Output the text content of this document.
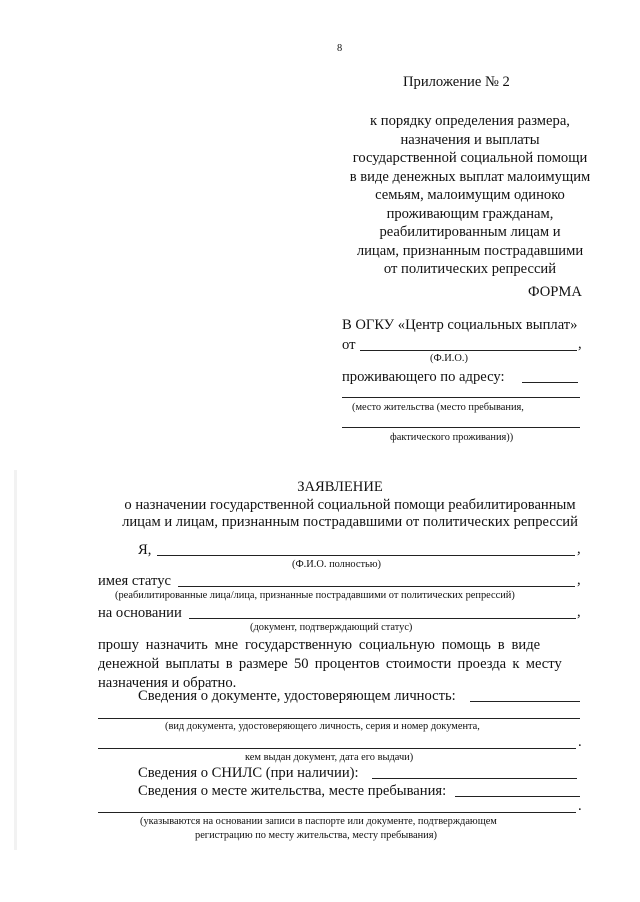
8
Приложение № 2
к порядку определения размера,
назначения и выплаты
государственной социальной помощи
в виде денежных выплат малоимущим
семьям, малоимущим одиноко
проживающим гражданам,
реабилитированным лицам и
лицам, признанным пострадавшими
от политических репрессий
ФОРМА
В ОГКУ «Центр социальных выплат»
от	,
(Ф.И.О.)
проживающего по адресу:
(место жительства (место пребывания,
фактического проживания))
ЗАЯВЛЕНИЕ
о назначении государственной социальной помощи реабилитированным
лицам и лицам, признанным пострадавшими от политических репрессий
Я,	,
(Ф.И.О. полностью)
имея статус	,
(реабилитированные лица/лица, признанные пострадавшими от политических репрессий)
на основании	,
(документ, подтверждающий статус)
прошу назначить мне государственную социальную помощь в виде
денежной выплаты в размере 50 процентов стоимости проезда к месту
назначения и обратно.
Сведения о документе, удостоверяющем личность:
(вид документа, удостоверяющего личность, серия и номер документа,
.
кем выдан документ, дата его выдачи)
Сведения о СНИЛС (при наличии):
Сведения о месте жительства, месте пребывания:
.
(указываются на основании записи в паспорте или документе, подтверждающем
регистрацию по месту жительства, месту пребывания)
